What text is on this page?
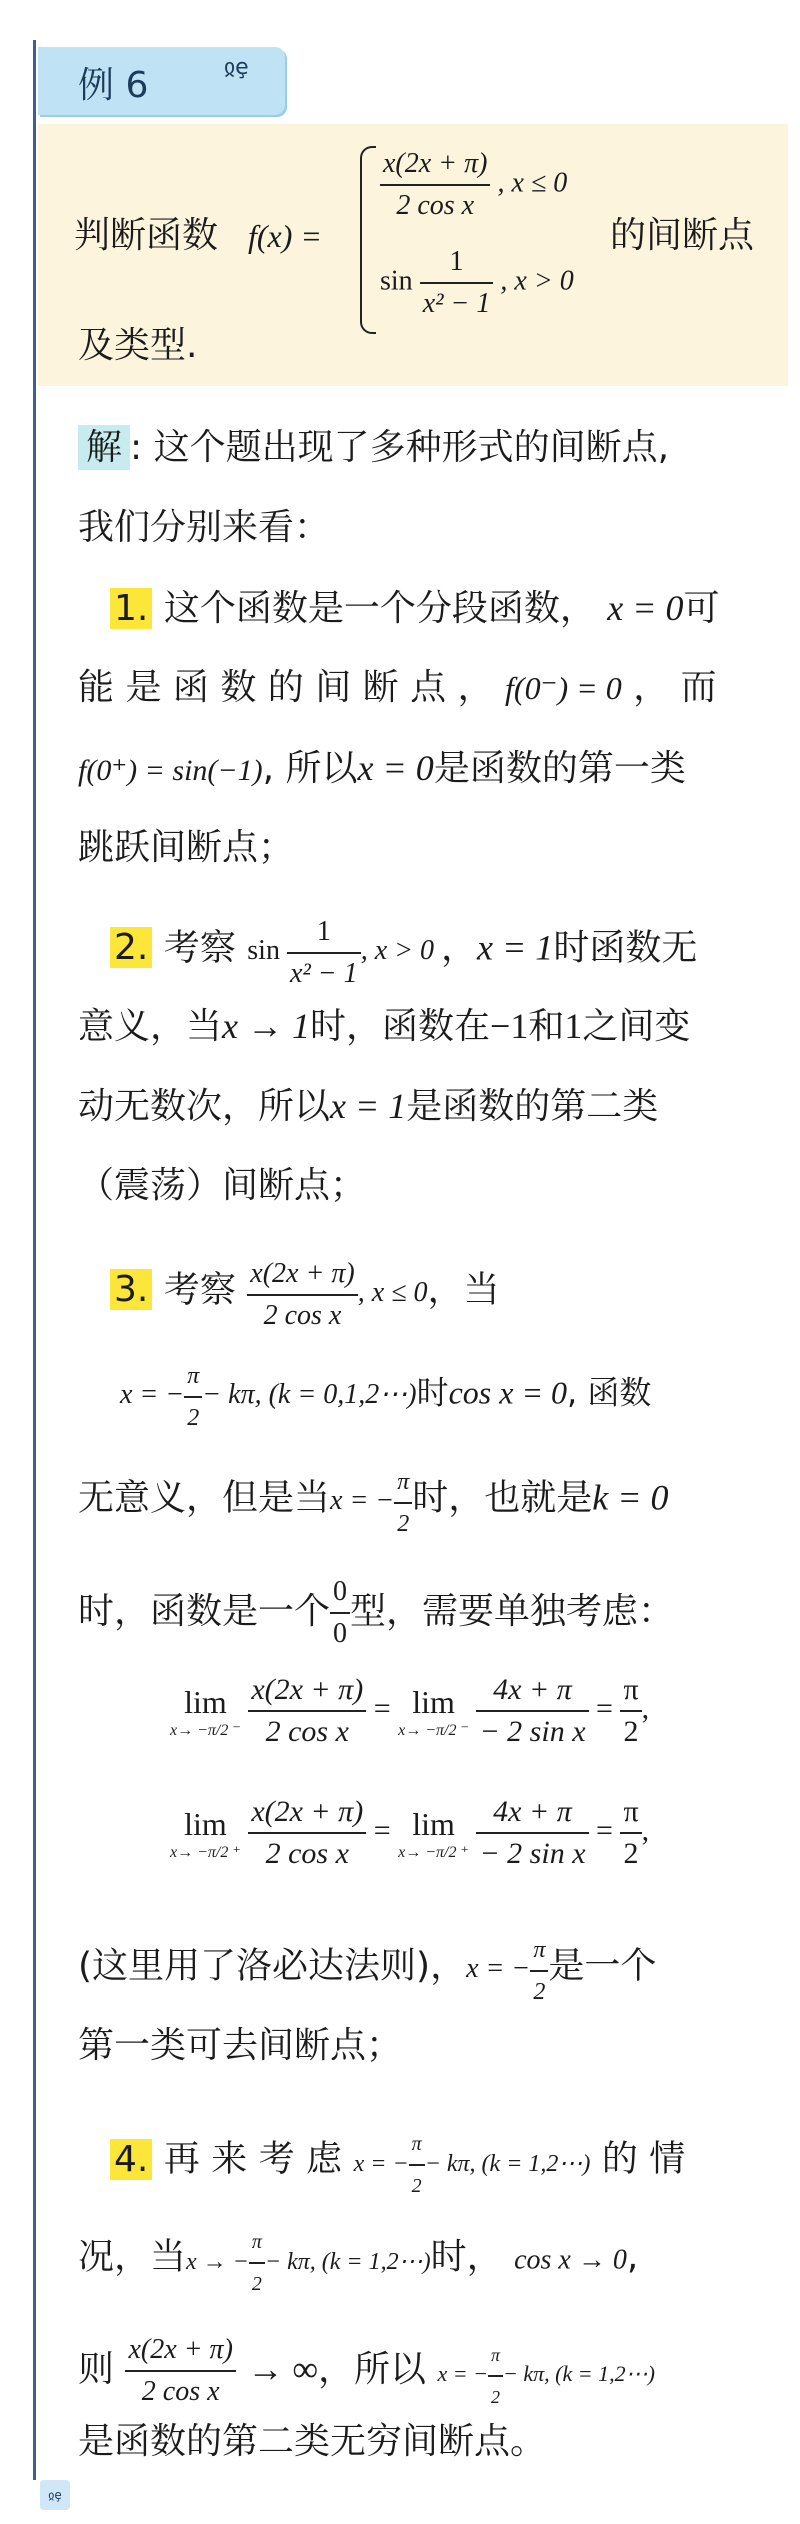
例 6	ჲȩ
判断函数 f(x) =
$\frac{x(2x + \pi)}{\text{2 cos x}}$ , x ≤ 0
$\sin \frac{1}{\text{x² − 1}}$ , x > 0
的间断点
及类型.
解 : 这个题出现了多种形式的间断点,
我们分别来看：
1. 这个函数是一个分段函数， x = 0可
能 是 函 数 的 间 断 点 ， f(0⁻) = 0 ， 而
f(0⁺) = sin(−1), 所以x = 0是函数的第一类
跳跃间断点；
2. 考察 $\sin \frac{1}{\text{x² − 1}}$ , x > 0 ，x = 1时函数无
意义，当x → 1时，函数在−1和1之间变
动无数次，所以x = 1是函数的第二类
（震荡）间断点；
3. 考察 $\frac{x(2x + \pi)}{\text{2 cos x}}$ , x ≤ 0，当
x = − $\frac{\pi}{2} - k\pi$, (k = 0,1,2⋯)时cos x = 0, 函数
无意义，但是当x = − $\frac{\pi}{2}$ 时，也就是k = 0
时，函数是一个 $\frac{0}{0}$ 型，需要单独考虑：
lim
x→ −π/2 ⁻
$\frac{x(2x + \pi)}{\text{2 cos x}} = \lim$
x→ −π/2 ⁻
$\frac{4x + \pi}{\text{− 2 sin x}} = \frac{\pi}{2}$ ,
lim
x→ −π/2 ⁺
$\frac{x(2x + \pi)}{\text{2 cos x}} = \lim$
x→ −π/2 ⁺
$\frac{4x + \pi}{\text{− 2 sin x}} = \frac{\pi}{2}$ ,
(这里用了洛必达法则)，x = − $\frac{\pi}{2}$ 是一个
第一类可去间断点；
4. 再 来 考 虑 x = − $\frac{\pi}{2} - k\pi$, (k = 1,2⋯) 的 情
况，当x → − $\frac{\pi}{2} - k\pi$, (k = 1,2⋯)时， cos x → 0,
则 $\frac{x(2x + \pi)}{\text{2 cos x}}$ → ∞，所以 x = − $\frac{\pi}{2} - k\pi$, (k = 1,2⋯)
是函数的第二类无穷间断点。
ჲȩ
